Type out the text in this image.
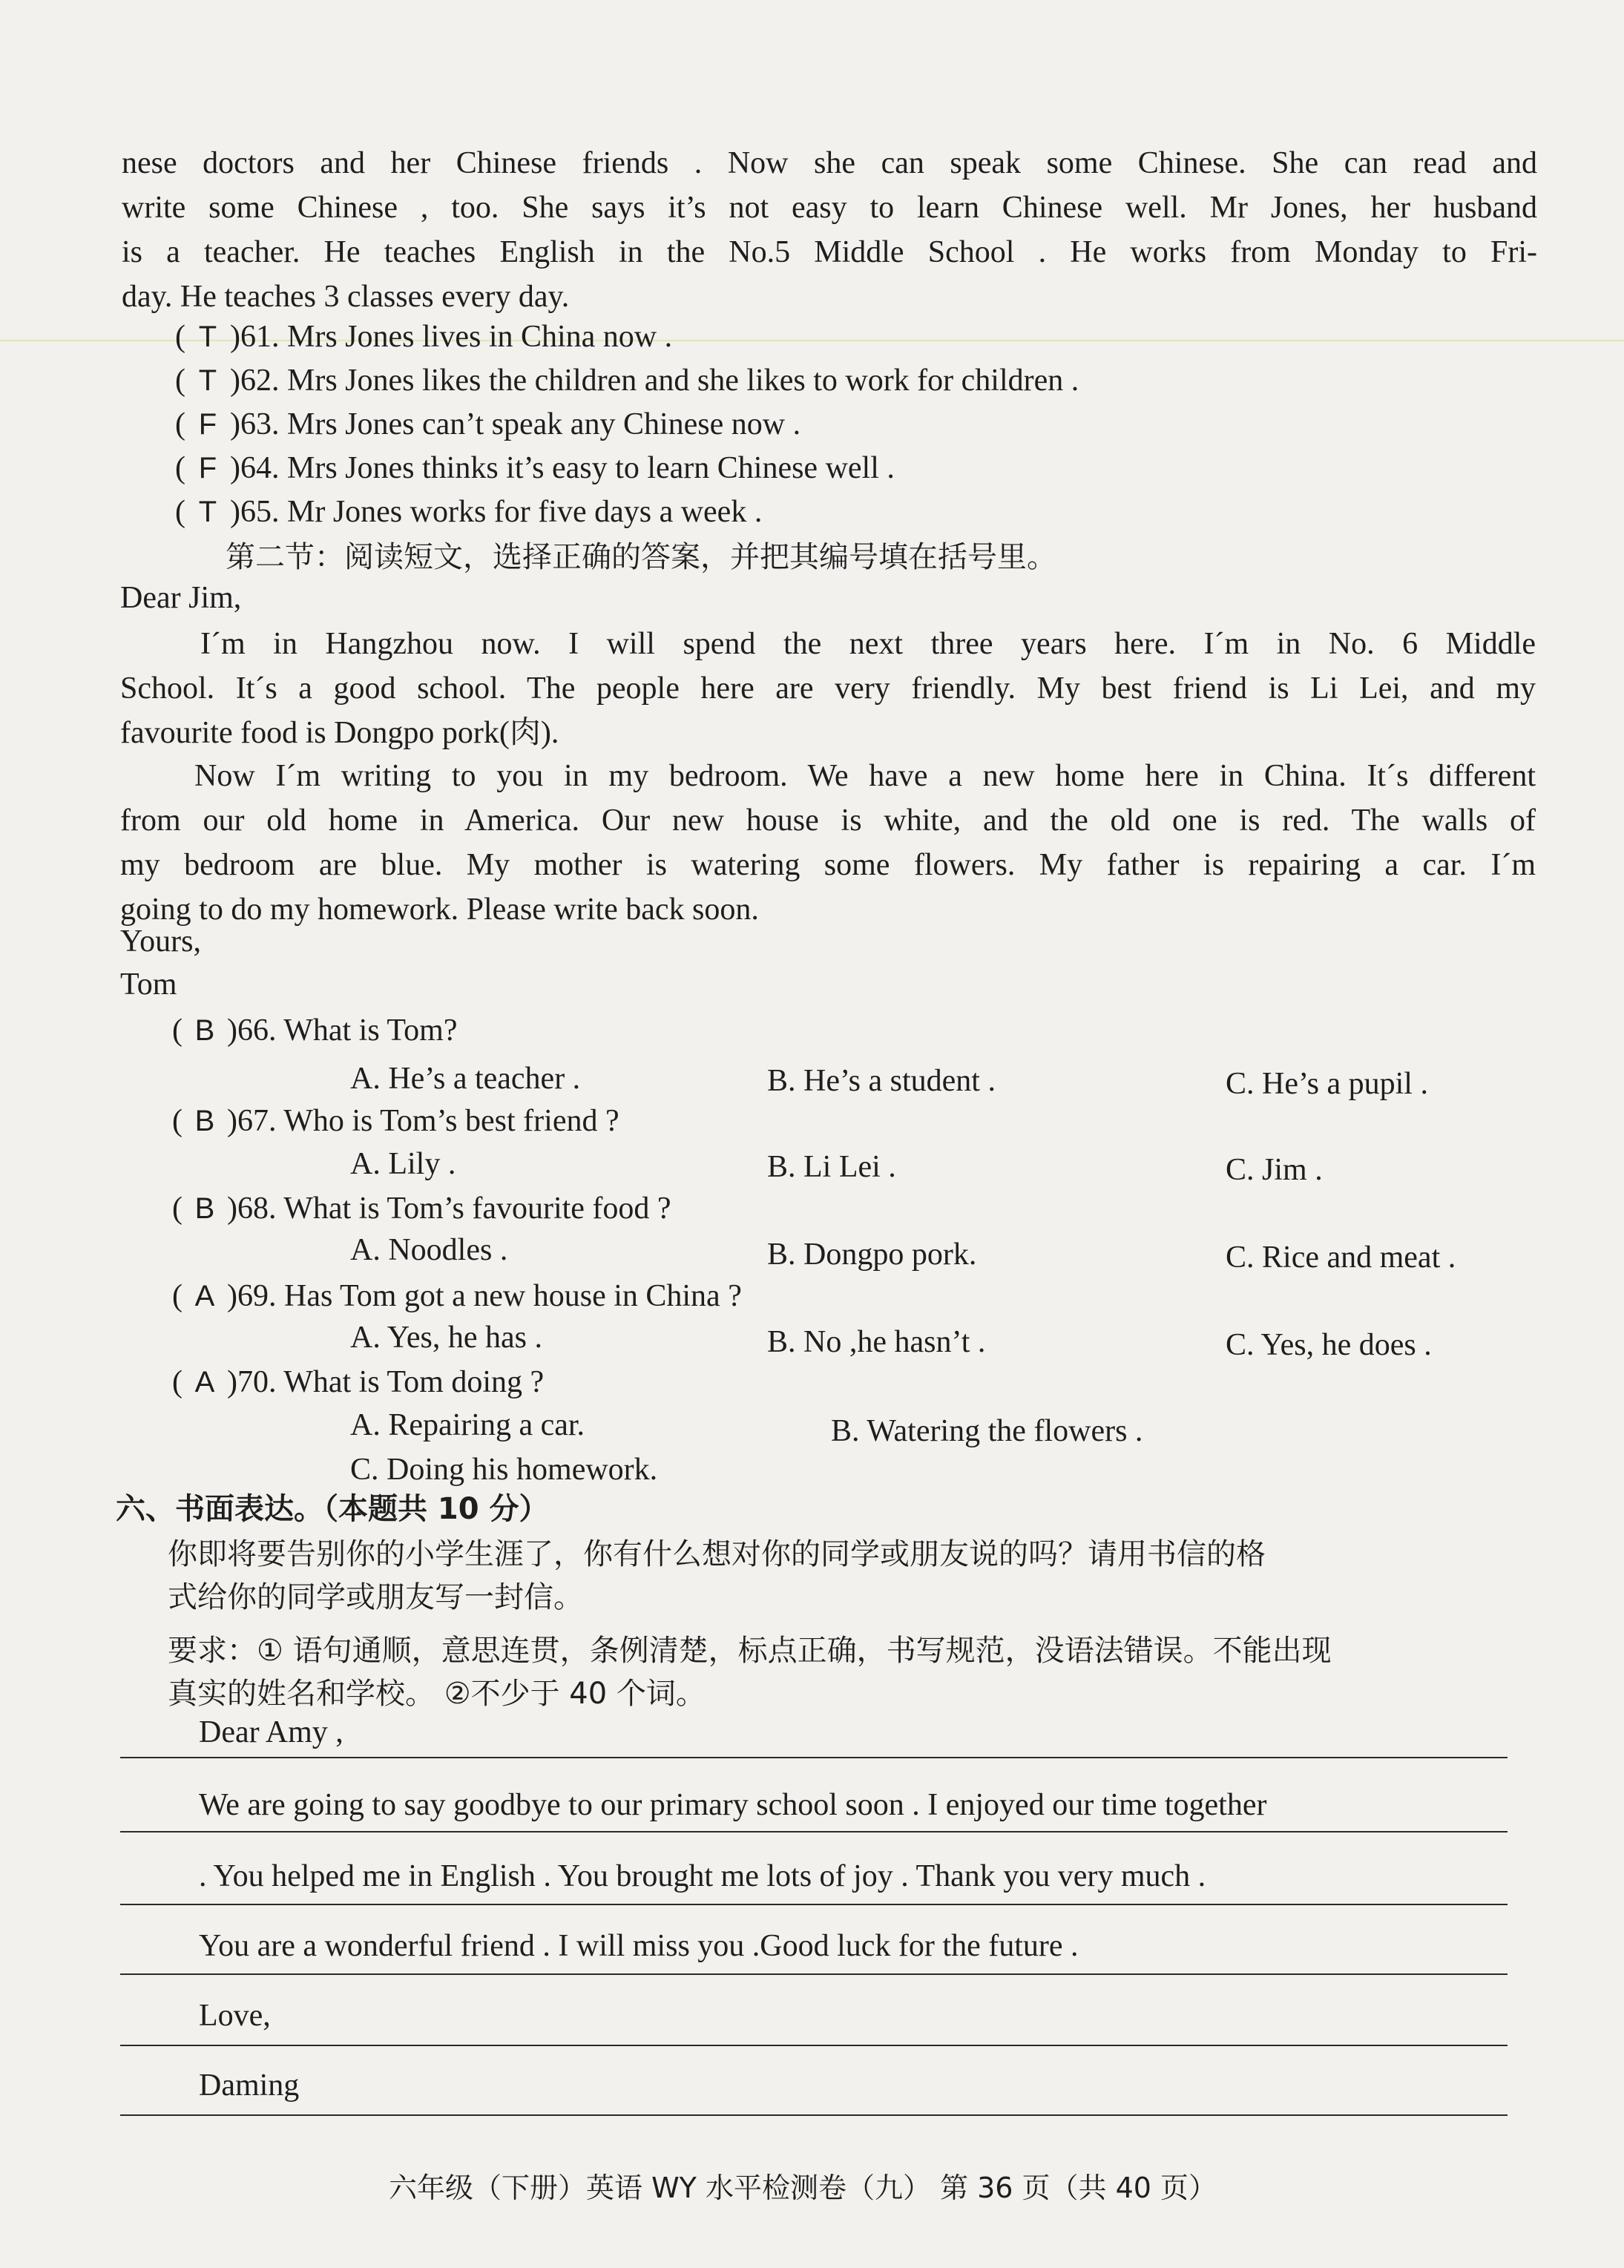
nese doctors and her Chinese friends . Now she can speak some Chinese. She can read and
write some Chinese , too. She says it’s not easy to learn Chinese well. Mr Jones, her husband
is a teacher. He teaches English in the No.5 Middle School . He works from Monday to Fri-
day. He teaches 3 classes every day.
( T )61. Mrs Jones lives in China now .
( T )62. Mrs Jones likes the children and she likes to work for children .
( F )63. Mrs Jones can’t speak any Chinese now .
( F )64. Mrs Jones thinks it’s easy to learn Chinese well .
( T )65. Mr Jones works for five days a week .
第二节：阅读短文，选择正确的答案，并把其编号填在括号里。
Dear Jim,
I´m in Hangzhou now. I will spend the next three years here. I´m in No. 6 Middle
School. It´s a good school. The people here are very friendly. My best friend is Li Lei, and my
favourite food is Dongpo pork(肉).
Now I´m writing to you in my bedroom. We have a new home here in China. It´s different
from our old home in America. Our new house is white, and the old one is red. The walls of
my bedroom are blue. My mother is watering some flowers. My father is repairing a car. I´m
going to do my homework. Please write back soon.
Yours,
Tom
( B )66. What is Tom?
A. He’s a teacher .	B. He’s a student .	C. He’s a pupil .
( B )67. Who is Tom’s best friend ?
A. Lily .	B. Li Lei .	C. Jim .
( B )68. What is Tom’s favourite food ?
A. Noodles .	B. Dongpo pork.	C. Rice and meat .
( A )69. Has Tom got a new house in China ?
A. Yes, he has .	B. No ,he hasn’t .	C. Yes, he does .
( A )70. What is Tom doing ?
A. Repairing a car.	B. Watering the flowers .
C. Doing his homework.
六、书面表达。（本题共 10 分）
你即将要告别你的小学生涯了，你有什么想对你的同学或朋友说的吗？请用书信的格
式给你的同学或朋友写一封信。
要求：① 语句通顺，意思连贯，条例清楚，标点正确，书写规范，没语法错误。不能出现
真实的姓名和学校。 ②不少于 40 个词。
Dear Amy ,
We are going to say goodbye to our primary school soon . I enjoyed our time together
. You helped me in English . You brought me lots of joy . Thank you very much .
You are a wonderful friend . I will miss you .Good luck for the future .
Love,
Daming
六年级（下册）英语 WY 水平检测卷（九） 第 36 页（共 40 页）
